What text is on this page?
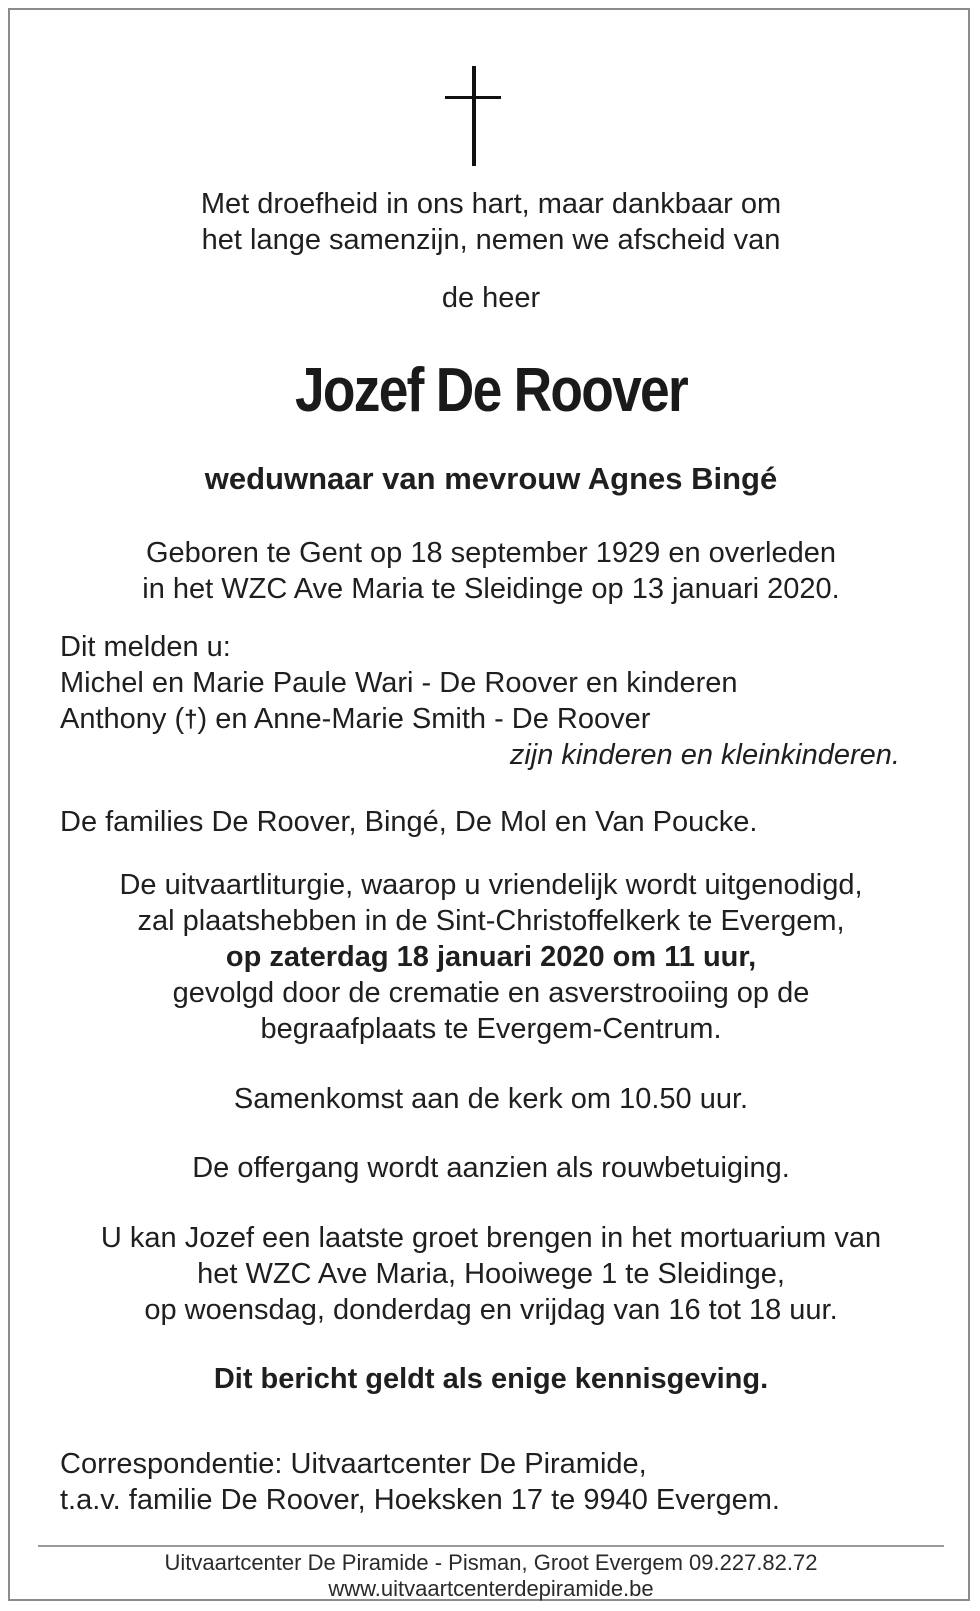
Met droefheid in ons hart, maar dankbaar om
het lange samenzijn, nemen we afscheid van
de heer
Jozef De Roover
weduwnaar van mevrouw Agnes Bingé
Geboren te Gent op 18 september 1929 en overleden
in het WZC Ave Maria te Sleidinge op 13 januari 2020.
Dit melden u:
Michel en Marie Paule Wari - De Roover en kinderen
Anthony (†) en Anne-Marie Smith - De Roover
zijn kinderen en kleinkinderen.
De families De Roover, Bingé, De Mol en Van Poucke.
De uitvaartliturgie, waarop u vriendelijk wordt uitgenodigd,
zal plaatshebben in de Sint-Christoffelkerk te Evergem,
op zaterdag 18 januari 2020 om 11 uur,
gevolgd door de crematie en asverstrooiing op de
begraafplaats te Evergem-Centrum.
Samenkomst aan de kerk om 10.50 uur.
De offergang wordt aanzien als rouwbetuiging.
U kan Jozef een laatste groet brengen in het mortuarium van
het WZC Ave Maria, Hooiwege 1 te Sleidinge,
op woensdag, donderdag en vrijdag van 16 tot 18 uur.
Dit bericht geldt als enige kennisgeving.
Correspondentie: Uitvaartcenter De Piramide,
t.a.v. familie De Roover, Hoeksken 17 te 9940 Evergem.
Uitvaartcenter De Piramide - Pisman, Groot Evergem 09.227.82.72
www.uitvaartcenterdepiramide.be
